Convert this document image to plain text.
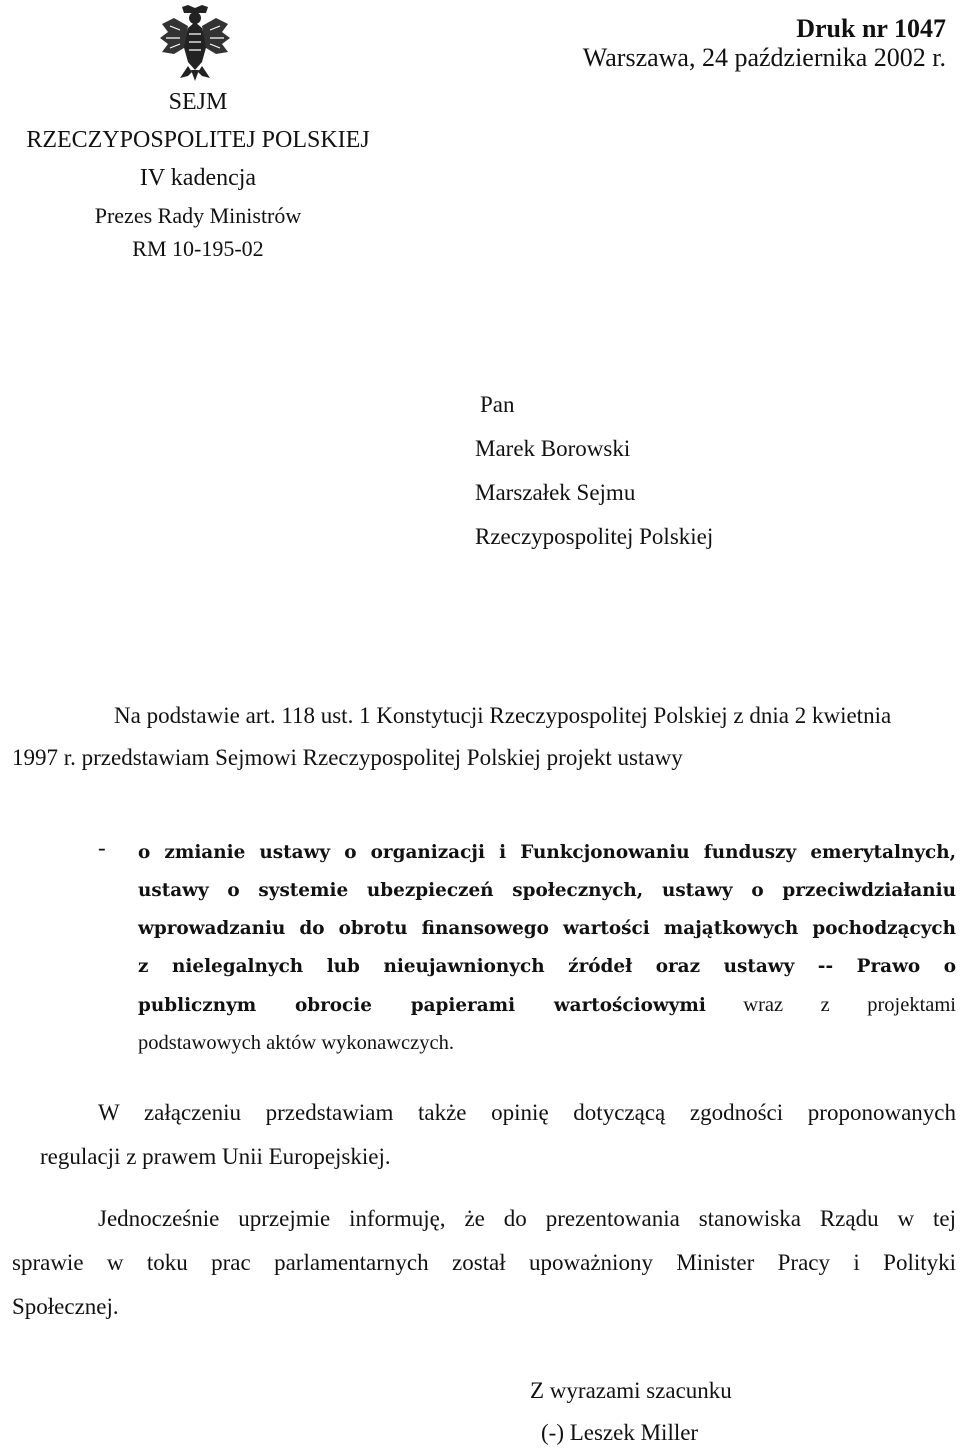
Druk nr 1047
Warszawa, 24 października 2002 r.
SEJM
RZECZYPOSPOLITEJ POLSKIEJ
IV kadencja
Prezes Rady Ministrów
RM 10-195-02
Pan
Marek Borowski
Marszałek Sejmu
Rzeczypospolitej Polskiej
Na podstawie art. 118 ust. 1 Konstytucji Rzeczypospolitej Polskiej z dnia 2 kwietnia
1997 r. przedstawiam Sejmowi Rzeczypospolitej Polskiej projekt ustawy
- o zmianie ustawy o organizacji i Funkcjonowaniu funduszy emerytalnych,
ustawy o systemie ubezpieczeń społecznych, ustawy o przeciwdziałaniu
wprowadzaniu do obrotu finansowego wartości majątkowych pochodzących
z nielegalnych lub nieujawnionych źródeł oraz ustawy -- Prawo o
publicznym obrocie papierami wartościowymi wraz z projektami
podstawowych aktów wykonawczych.
W załączeniu przedstawiam także opinię dotyczącą zgodności proponowanych
regulacji z prawem Unii Europejskiej.
Jednocześnie uprzejmie informuję, że do prezentowania stanowiska Rządu w tej
sprawie w toku prac parlamentarnych został upoważniony Minister Pracy i Polityki
Społecznej.
Z wyrazami szacunku
(-) Leszek Miller
